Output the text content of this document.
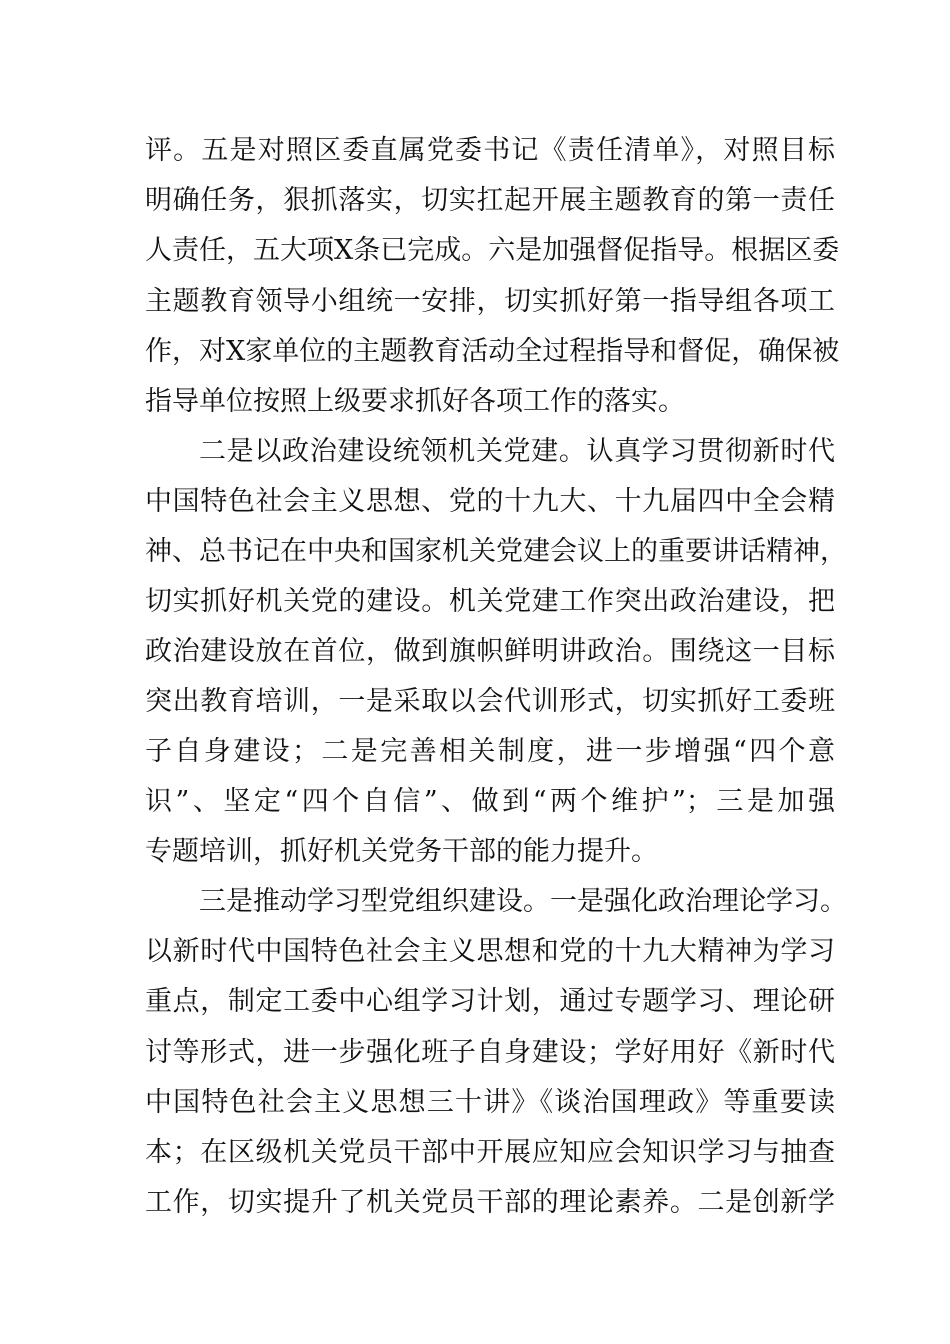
评。五是对照区委直属党委书记《责任清单》，对照目标
明确任务，狠抓落实，切实扛起开展主题教育的第一责任
人责任，五大项X条已完成。六是加强督促指导。根据区委
主题教育领导小组统一安排，切实抓好第一指导组各项工
作，对X家单位的主题教育活动全过程指导和督促，确保被
指导单位按照上级要求抓好各项工作的落实。
二是以政治建设统领机关党建。认真学习贯彻新时代
中国特色社会主义思想、党的十九大、十九届四中全会精
神、总书记在中央和国家机关党建会议上的重要讲话精神，
切实抓好机关党的建设。机关党建工作突出政治建设，把
政治建设放在首位，做到旗帜鲜明讲政治。围绕这一目标
突出教育培训，一是采取以会代训形式，切实抓好工委班
子自身建设；二是完善相关制度，进一步增强“四个意
识”、坚定“四个自信”、做到“两个维护”；三是加强
专题培训，抓好机关党务干部的能力提升。
三是推动学习型党组织建设。一是强化政治理论学习。
以新时代中国特色社会主义思想和党的十九大精神为学习
重点，制定工委中心组学习计划，通过专题学习、理论研
讨等形式，进一步强化班子自身建设；学好用好《新时代
中国特色社会主义思想三十讲》《谈治国理政》等重要读
本；在区级机关党员干部中开展应知应会知识学习与抽查
工作，切实提升了机关党员干部的理论素养。二是创新学
